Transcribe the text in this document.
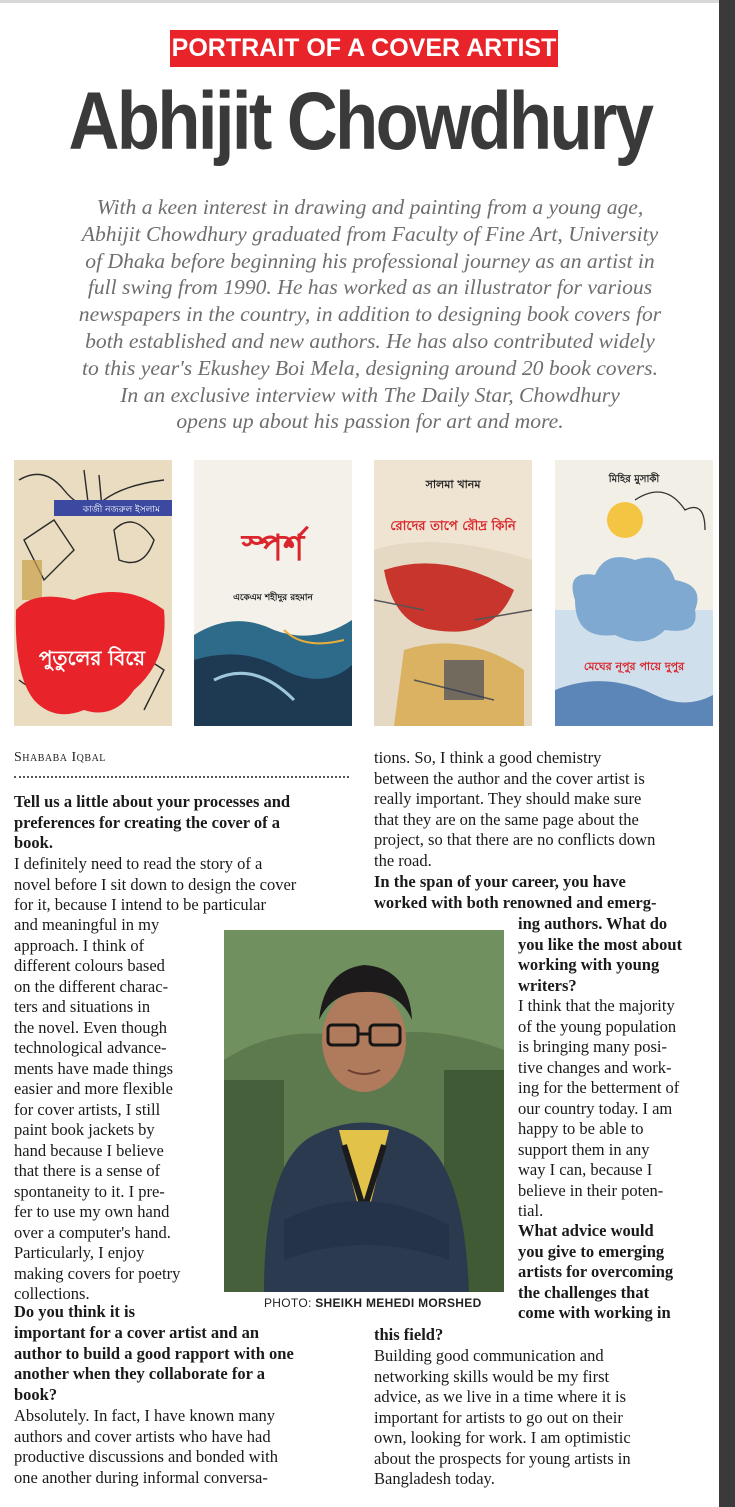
PORTRAIT OF A COVER ARTIST
Abhijit Chowdhury
With a keen interest in drawing and painting from a young age,
Abhijit Chowdhury graduated from Faculty of Fine Art, University
of Dhaka before beginning his professional journey as an artist in
full swing from 1990. He has worked as an illustrator for various
newspapers in the country, in addition to designing book covers for
both established and new authors. He has also contributed widely
to this year's Ekushey Boi Mela, designing around 20 book covers.
In an exclusive interview with The Daily Star, Chowdhury
opens up about his passion for art and more.
কাজী নজরুল ইসলাম
পুতুলের বিয়ে
স্পর্শ
একেএম শহীদুর রহমান
সালমা খানম
রোদের তাপে রৌদ্র কিনি
মিহির মুসাকী
মেঘের নূপুর পায়ে দুপুর
Shababa Iqbal
Tell us a little about your processes and
preferences for creating the cover of a
book.
I definitely need to read the story of a
novel before I sit down to design the cover
for it, because I intend to be particular
and meaningful in my
approach. I think of
different colours based
on the different charac-
ters and situations in
the novel. Even though
technological advance-
ments have made things
easier and more flexible
for cover artists, I still
paint book jackets by
hand because I believe
that there is a sense of
spontaneity to it. I pre-
fer to use my own hand
over a computer's hand.
Particularly, I enjoy
making covers for poetry
collections.
Do you think it is
important for a cover artist and an
author to build a good rapport with one
another when they collaborate for a
book?
Absolutely. In fact, I have known many
authors and cover artists who have had
productive discussions and bonded with
one another during informal conversa-
tions. So, I think a good chemistry
between the author and the cover artist is
really important. They should make sure
that they are on the same page about the
project, so that there are no conflicts down
the road.
In the span of your career, you have
worked with both renowned and emerg-
ing authors. What do
you like the most about
working with young
writers?
I think that the majority
of the young population
is bringing many posi-
tive changes and work-
ing for the betterment of
our country today. I am
happy to be able to
support them in any
way I can, because I
believe in their poten-
tial.
What advice would
you give to emerging
artists for overcoming
the challenges that
come with working in
this field?
Building good communication and
networking skills would be my first
advice, as we live in a time where it is
important for artists to go out on their
own, looking for work. I am optimistic
about the prospects for young artists in
Bangladesh today.
PHOTO: SHEIKH MEHEDI MORSHED
